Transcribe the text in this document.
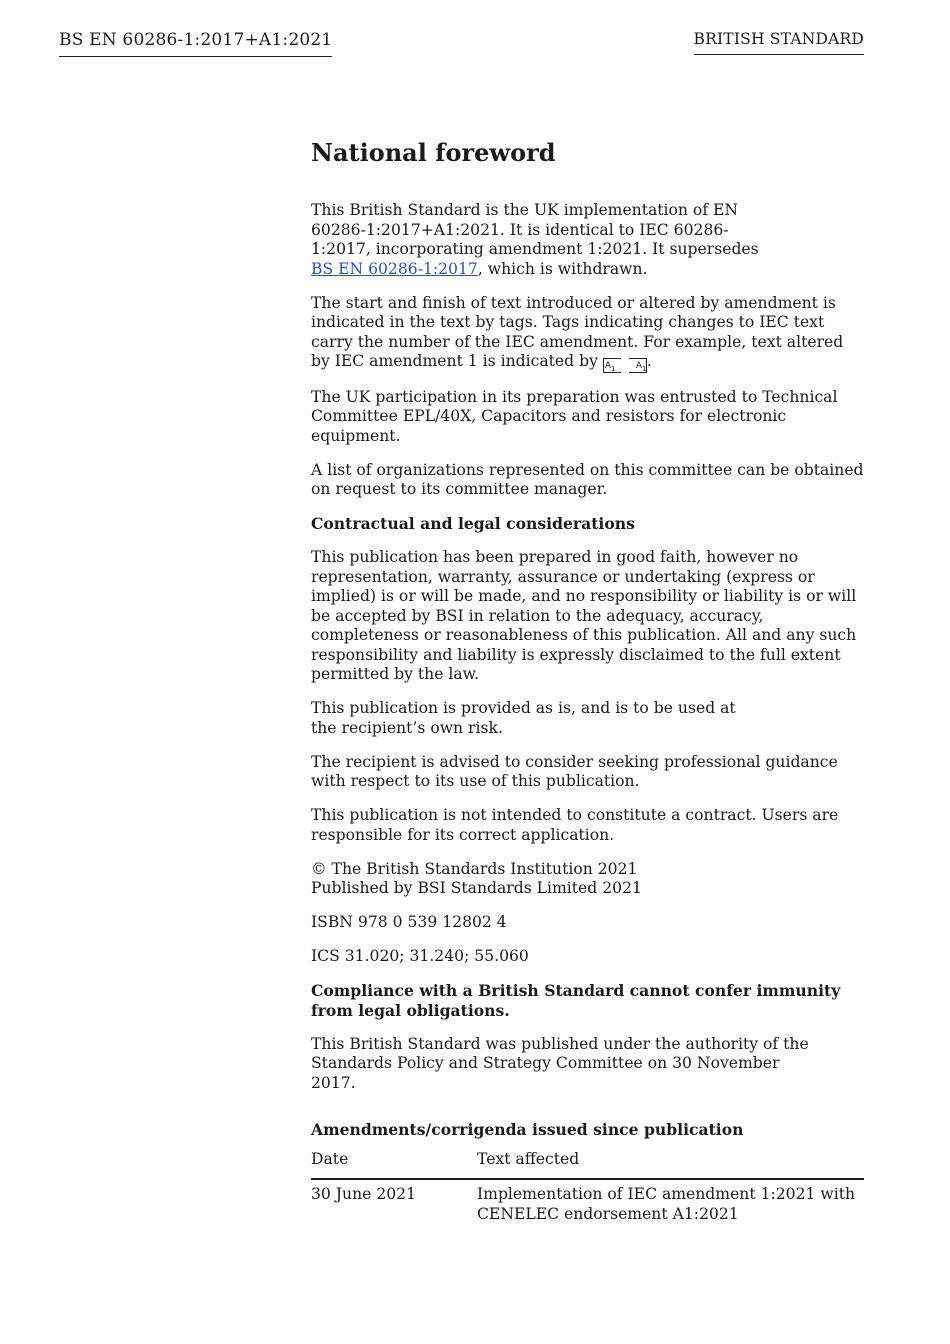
BS EN 60286-1:2017+A1:2021	BRITISH STANDARD
National foreword

This British Standard is the UK implementation of EN 60286-1:2017+A1:2021. It is identical to IEC 60286-1:2017, incorporating amendment 1:2021. It supersedes BS EN 60286-1:2017, which is withdrawn.

The start and finish of text introduced or altered by amendment is indicated in the text by tags. Tags indicating changes to IEC text carry the number of the IEC amendment. For example, text altered by IEC amendment 1 is indicated by $A_1$ $A_1$.

The UK participation in its preparation was entrusted to Technical Committee EPL/40X, Capacitors and resistors for electronic equipment.

A list of organizations represented on this committee can be obtained on request to its committee manager.

Contractual and legal considerations

This publication has been prepared in good faith, however no representation, warranty, assurance or undertaking (express or implied) is or will be made, and no responsibility or liability is or will be accepted by BSI in relation to the adequacy, accuracy, completeness or reasonableness of this publication. All and any such responsibility and liability is expressly disclaimed to the full extent permitted by the law.

This publication is provided as is, and is to be used at the recipient’s own risk.

The recipient is advised to consider seeking professional guidance with respect to its use of this publication.

This publication is not intended to constitute a contract. Users are responsible for its correct application.

© The British Standards Institution 2021
Published by BSI Standards Limited 2021

ISBN 978 0 539 12802 4

ICS 31.020; 31.240; 55.060

Compliance with a British Standard cannot confer immunity from legal obligations.

This British Standard was published under the authority of the Standards Policy and Strategy Committee on 30 November 2017.

Amendments/corrigenda issued since publication
Date	Text affected
30 June 2021	Implementation of IEC amendment 1:2021 with
CENELEC endorsement A1:2021
